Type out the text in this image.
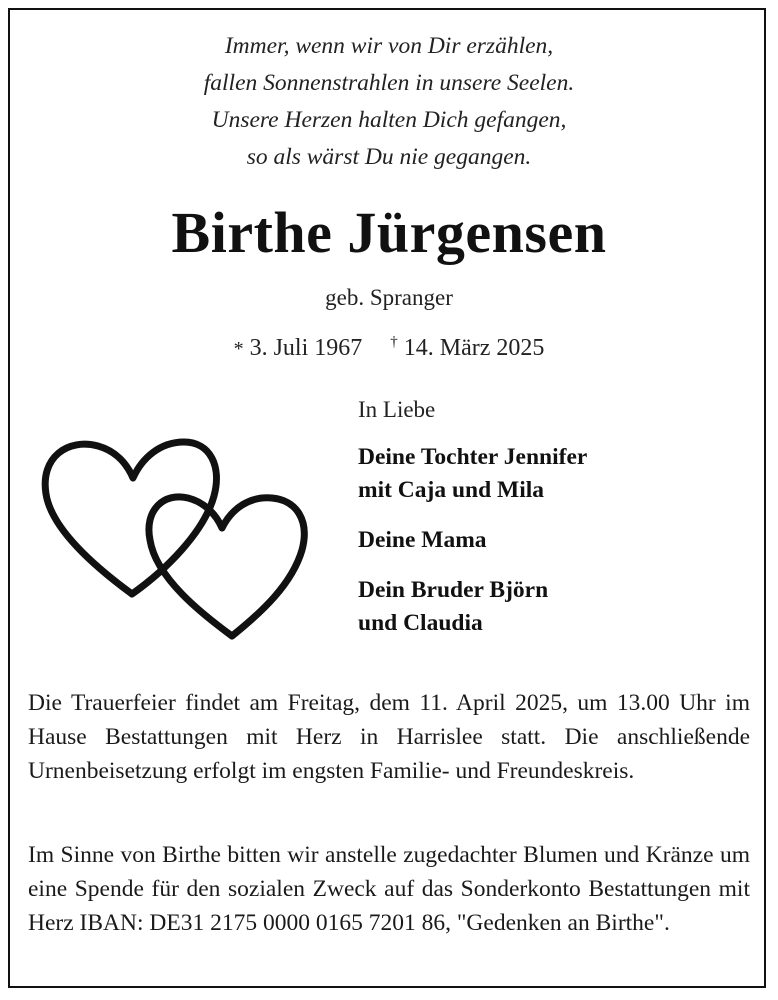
Immer, wenn wir von Dir erzählen,
fallen Sonnenstrahlen in unsere Seelen.
Unsere Herzen halten Dich gefangen,
so als wärst Du nie gegangen.
Birthe Jürgensen
geb. Spranger
* 3. Juli 1967 † 14. März 2025
In Liebe
Deine Tochter Jennifer
mit Caja und Mila
Deine Mama
Dein Bruder Björn
und Claudia

Die Trauerfeier findet am Freitag, dem 11. April 2025, um 13.00 Uhr im Hause Bestattungen mit Herz in Harrislee statt. Die anschließende Urnenbeisetzung erfolgt im engsten Familie- und Freundeskreis.

Im Sinne von Birthe bitten wir anstelle zugedachter Blumen und Kränze um eine Spende für den sozialen Zweck auf das Sonderkonto Bestattungen mit Herz IBAN: DE31 2175 0000 0165 7201 86, "Gedenken an Birthe".
